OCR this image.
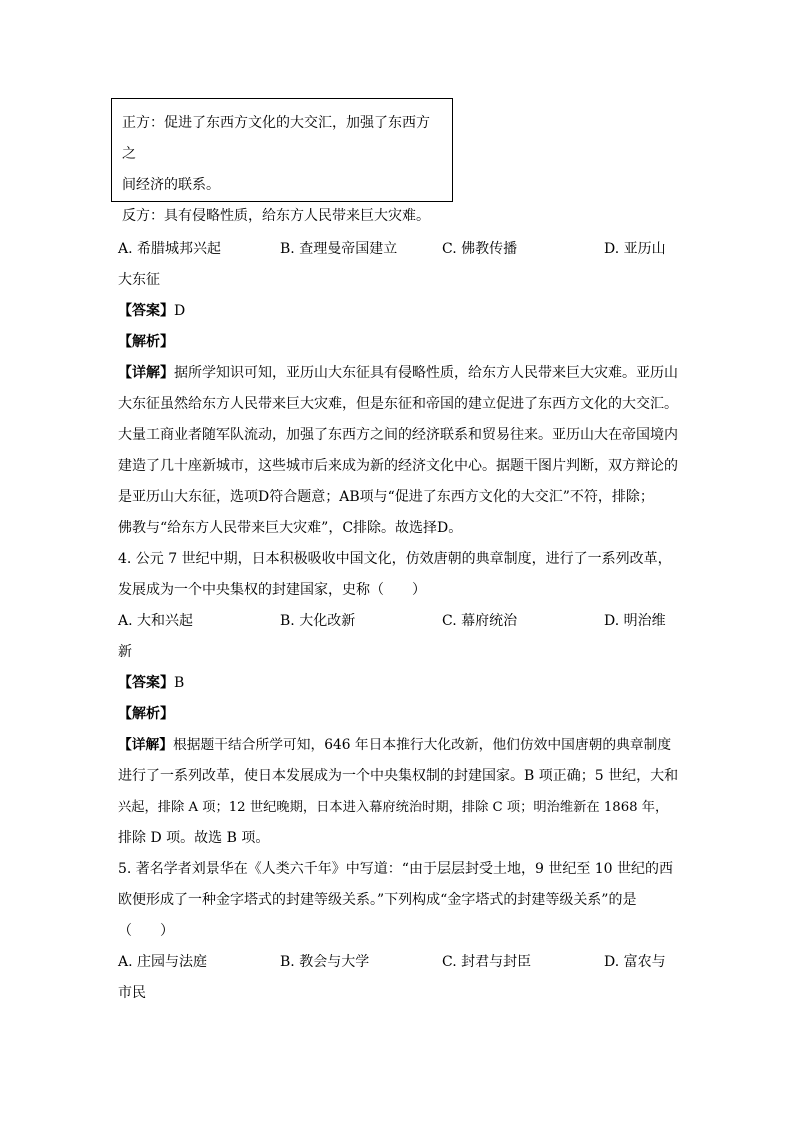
正方：促进了东西方文化的大交汇，加强了东西方之

间经济的联系。

反方：具有侵略性质，给东方人民带来巨大灾难。

A. 希腊城邦兴起	B. 查理曼帝国建立	C. 佛教传播	D. 亚历山

大东征

【答案】D

【解析】

【详解】据所学知识可知，亚历山大东征具有侵略性质，给东方人民带来巨大灾难。亚历山

大东征虽然给东方人民带来巨大灾难，但是东征和帝国的建立促进了东西方文化的大交汇。

大量工商业者随军队流动，加强了东西方之间的经济联系和贸易往来。亚历山大在帝国境内

建造了几十座新城市，这些城市后来成为新的经济文化中心。据题干图片判断，双方辩论的

是亚历山大东征，选项D符合题意；AB项与“促进了东西方文化的大交汇”不符，排除；

佛教与“给东方人民带来巨大灾难”，C排除。故选择D。

4. 公元 7 世纪中期，日本积极吸收中国文化，仿效唐朝的典章制度，进行了一系列改革，

发展成为一个中央集权的封建国家，史称（　　）

A. 大和兴起	B. 大化改新	C. 幕府统治	D. 明治维

新

【答案】B

【解析】

【详解】根据题干结合所学可知，646 年日本推行大化改新，他们仿效中国唐朝的典章制度

进行了一系列改革，使日本发展成为一个中央集权制的封建国家。B 项正确；5 世纪，大和

兴起，排除 A 项；12 世纪晚期，日本进入幕府统治时期，排除 C 项；明治维新在 1868 年，

排除 D 项。故选 B 项。

5. 著名学者刘景华在《人类六千年》中写道：“由于层层封受土地，9 世纪至 10 世纪的西

欧便形成了一种金字塔式的封建等级关系。”下列构成“金字塔式的封建等级关系”的是

（　　）

A. 庄园与法庭	B. 教会与大学	C. 封君与封臣	D. 富农与

市民
